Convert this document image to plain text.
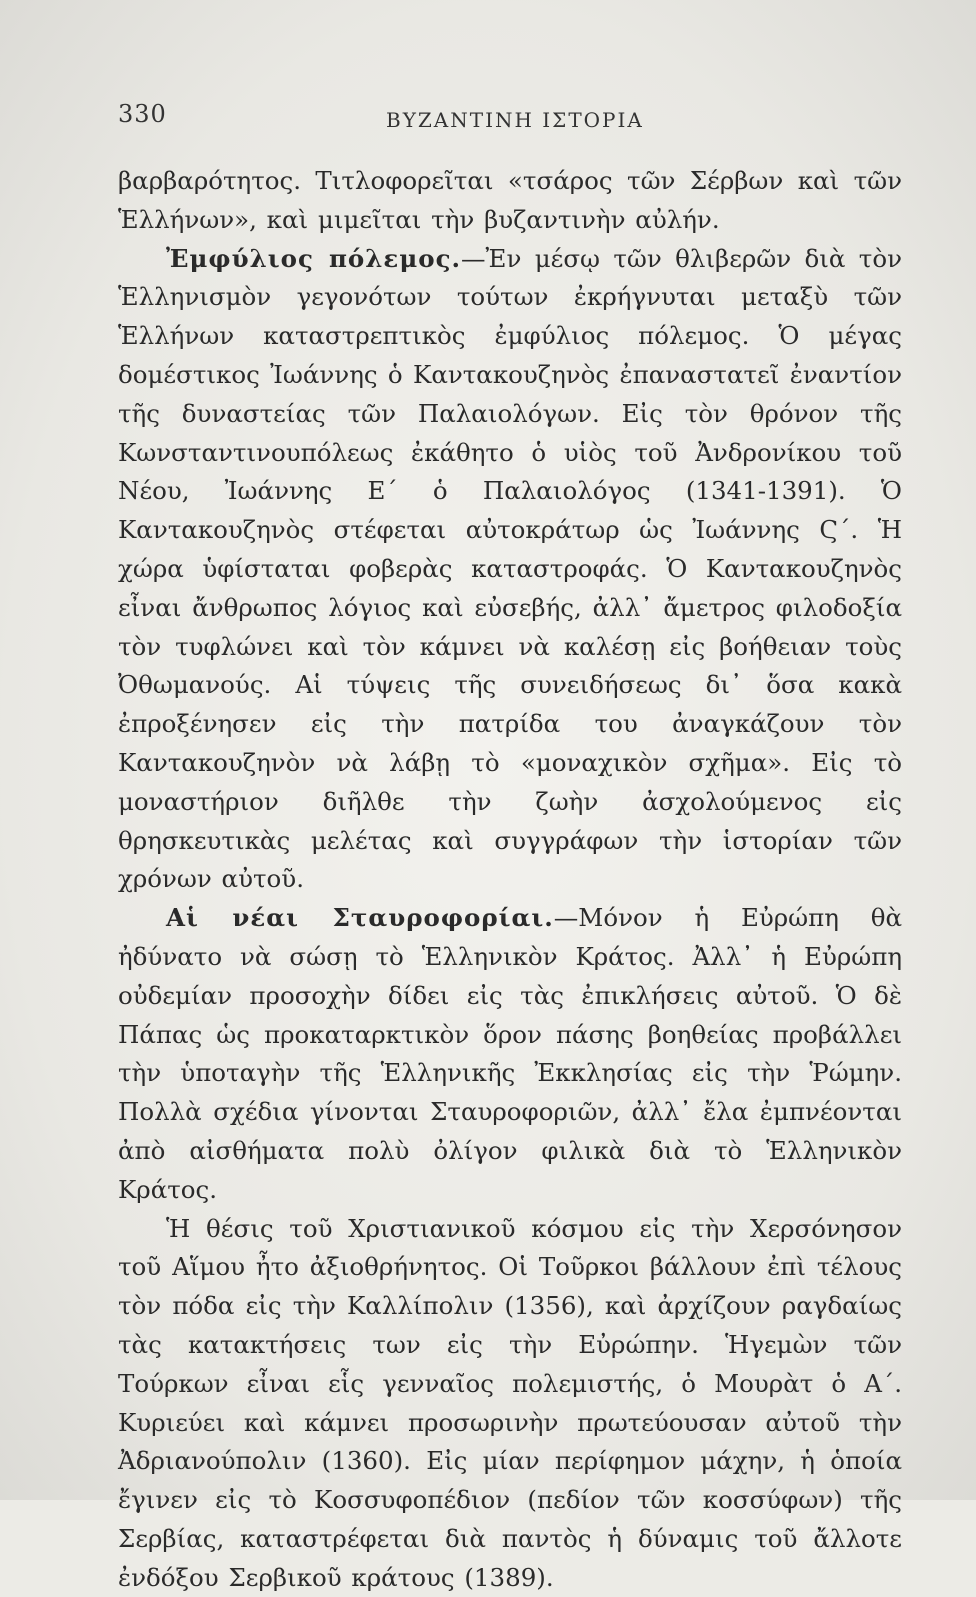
330	ΒΥΖΑΝΤΙΝΗ ΙΣΤΟΡΙΑ

βαρβαρότητος. Τιτλοφορεῖται «τσάρος τῶν Σέρβων καὶ τῶν Ἑλλήνων», καὶ μιμεῖται τὴν βυζαντινὴν αὐλήν.

Ἐμφύλιος πόλεμος.—Ἐν μέσῳ τῶν θλιβερῶν διὰ τὸν Ἑλληνισμὸν γεγονότων τούτων ἐκρήγνυται μεταξὺ τῶν Ἑλλήνων καταστρεπτικὸς ἐμφύλιος πόλεμος. Ὁ μέγας δομέστικος Ἰωάννης ὁ Καντακουζηνὸς ἐπαναστατεῖ ἐναντίον τῆς δυναστείας τῶν Παλαιολόγων. Εἰς τὸν θρόνον τῆς Κωνσταντινουπόλεως ἐκάθητο ὁ υἱὸς τοῦ Ἀνδρονίκου τοῦ Νέου, Ἰωάννης Ε΄ ὁ Παλαιολόγος (1341-1391). Ὁ Καντακουζηνὸς στέφεται αὐτοκράτωρ ὡς Ἰωάννης Ϛ΄. Ἡ χώρα ὑφίσταται φοβερὰς καταστροφάς. Ὁ Καντακουζηνὸς εἶναι ἄνθρωπος λόγιος καὶ εὐσεβής, ἀλλ᾽ ἄμετρος φιλοδοξία τὸν τυφλώνει καὶ τὸν κάμνει νὰ καλέσῃ εἰς βοήθειαν τοὺς Ὀθωμανούς. Αἱ τύψεις τῆς συνειδήσεως δι᾽ ὅσα κακὰ ἐπροξένησεν εἰς τὴν πατρίδα του ἀναγκάζουν τὸν Καντακουζηνὸν νὰ λάβῃ τὸ «μοναχικὸν σχῆμα». Εἰς τὸ μοναστήριον διῆλθε τὴν ζωὴν ἀσχολούμενος εἰς θρησκευτικὰς μελέτας καὶ συγγράφων τὴν ἱστορίαν τῶν χρόνων αὐτοῦ.

Αἱ νέαι Σταυροφορίαι.—Μόνον ἡ Εὐρώπη θὰ ἠδύνατο νὰ σώσῃ τὸ Ἑλληνικὸν Κράτος. Ἀλλ᾽ ἡ Εὐρώπη οὐδεμίαν προσοχὴν δίδει εἰς τὰς ἐπικλήσεις αὐτοῦ. Ὁ δὲ Πάπας ὡς προκαταρκτικὸν ὅρον πάσης βοηθείας προβάλλει τὴν ὑποταγὴν τῆς Ἑλληνικῆς Ἐκκλησίας εἰς τὴν Ῥώμην. Πολλὰ σχέδια γίνονται Σταυροφοριῶν, ἀλλ᾽ ἔλα ἐμπνέονται ἀπὸ αἰσθήματα πολὺ ὀλίγον φιλικὰ διὰ τὸ Ἑλληνικὸν Κράτος.

Ἡ θέσις τοῦ Χριστιανικοῦ κόσμου εἰς τὴν Χερσόνησον τοῦ Αἵμου ἦτο ἀξιοθρήνητος. Οἱ Τοῦρκοι βάλλουν ἐπὶ τέλους τὸν πόδα εἰς τὴν Καλλίπολιν (1356), καὶ ἀρχίζουν ραγδαίως τὰς κατακτήσεις των εἰς τὴν Εὐρώπην. Ἡγεμὼν τῶν Τούρκων εἶναι εἷς γενναῖος πολεμιστής, ὁ Μουρὰτ ὁ Α΄. Κυριεύει καὶ κάμνει προσωρινὴν πρωτεύουσαν αὐτοῦ τὴν Ἀδριανούπολιν (1360). Εἰς μίαν περίφημον μάχην, ἡ ὁποία ἔγινεν εἰς τὸ Κοσσυφοπέδιον (πεδίον τῶν κοσσύφων) τῆς Σερβίας, καταστρέφεται διὰ παντὸς ἡ δύναμις τοῦ ἄλλοτε ἐνδόξου Σερβικοῦ κράτους (1389).
